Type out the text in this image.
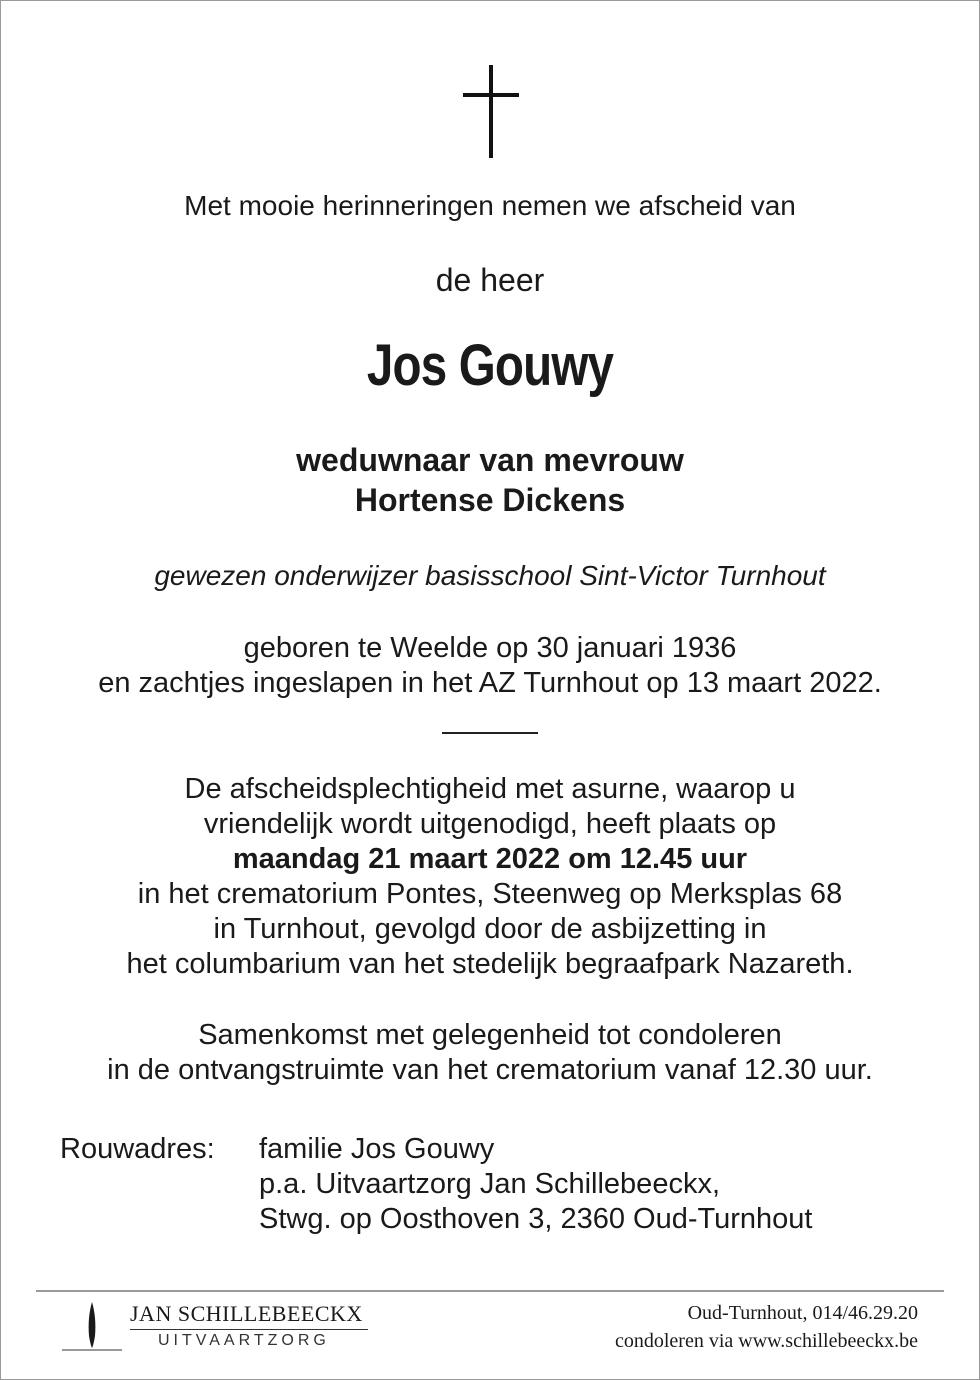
Met mooie herinneringen nemen we afscheid van
de heer
Jos Gouwy
weduwnaar van mevrouw
Hortense Dickens
gewezen onderwijzer basisschool Sint-Victor Turnhout
geboren te Weelde op 30 januari 1936
en zachtjes ingeslapen in het AZ Turnhout op 13 maart 2022.
De afscheidsplechtigheid met asurne, waarop u
vriendelijk wordt uitgenodigd, heeft plaats op
maandag 21 maart 2022 om 12.45 uur
in het crematorium Pontes, Steenweg op Merksplas 68
in Turnhout, gevolgd door de asbijzetting in
het columbarium van het stedelijk begraafpark Nazareth.
Samenkomst met gelegenheid tot condoleren
in de ontvangstruimte van het crematorium vanaf 12.30 uur.
Rouwadres: familie Jos Gouwy
p.a. Uitvaartzorg Jan Schillebeeckx,
Stwg. op Oosthoven 3, 2360 Oud-Turnhout
JAN SCHILLEBEECKX
UITVAARTZORG
Oud-Turnhout, 014/46.29.20
condoleren via www.schillebeeckx.be
